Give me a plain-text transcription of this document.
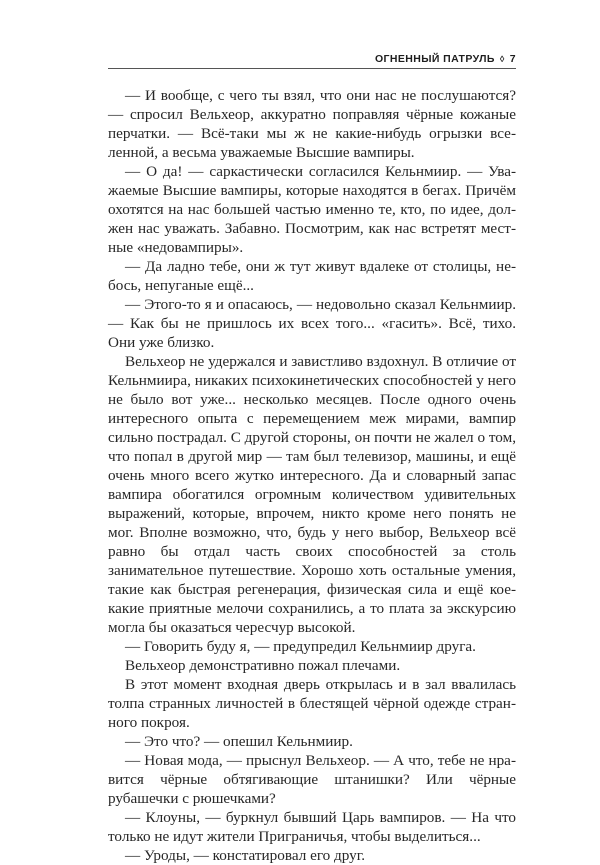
ОГНЕННЫЙ ПАТРУЛЬ ◊ 7

— И вообще, с чего ты взял, что они нас не послушаются? — спросил Вельхеор, аккуратно поправляя чёрные кожаные перчатки. — Всё-таки мы ж не какие-нибудь огрызки вселенной, а весьма уважаемые Высшие вампиры.

— О да! — саркастически согласился Кельнмиир. — Уважаемые Высшие вампиры, которые находятся в бегах. Причём охотятся на нас большей частью именно те, кто, по идее, должен нас уважать. Забавно. Посмотрим, как нас встретят местные «недовампиры».

— Да ладно тебе, они ж тут живут вдалеке от столицы, небось, непуганые ещё...

— Этого-то я и опасаюсь, — недовольно сказал Кельнмиир. — Как бы не пришлось их всех того... «гасить». Всё, тихо. Они уже близко.

Вельхеор не удержался и завистливо вздохнул. В отличие от Кельнмиира, никаких психокинетических способностей у него не было вот уже... несколько месяцев. После одного очень интересного опыта с перемещением меж мирами, вампир сильно пострадал. С другой стороны, он почти не жалел о том, что попал в другой мир — там был телевизор, машины, и ещё очень много всего жутко интересного. Да и словарный запас вампира обогатился огромным количеством удивительных выражений, которые, впрочем, никто кроме него понять не мог. Вполне возможно, что, будь у него выбор, Вельхеор всё равно бы отдал часть своих способностей за столь занимательное путешествие. Хорошо хоть остальные умения, такие как быстрая регенерация, физическая сила и ещё кое-какие приятные мелочи сохранились, а то плата за экскурсию могла бы оказаться чересчур высокой.

— Говорить буду я, — предупредил Кельнмиир друга.

Вельхеор демонстративно пожал плечами.

В этот момент входная дверь открылась и в зал ввалилась толпа странных личностей в блестящей чёрной одежде странного покроя.

— Это что? — опешил Кельнмиир.

— Новая мода, — прыснул Вельхеор. — А что, тебе не нравится чёрные обтягивающие штанишки? Или чёрные рубашечки с рюшечками?

— Клоуны, — буркнул бывший Царь вампиров. — На что только не идут жители Приграничья, чтобы выделиться...

— Уроды, — констатировал его друг.
